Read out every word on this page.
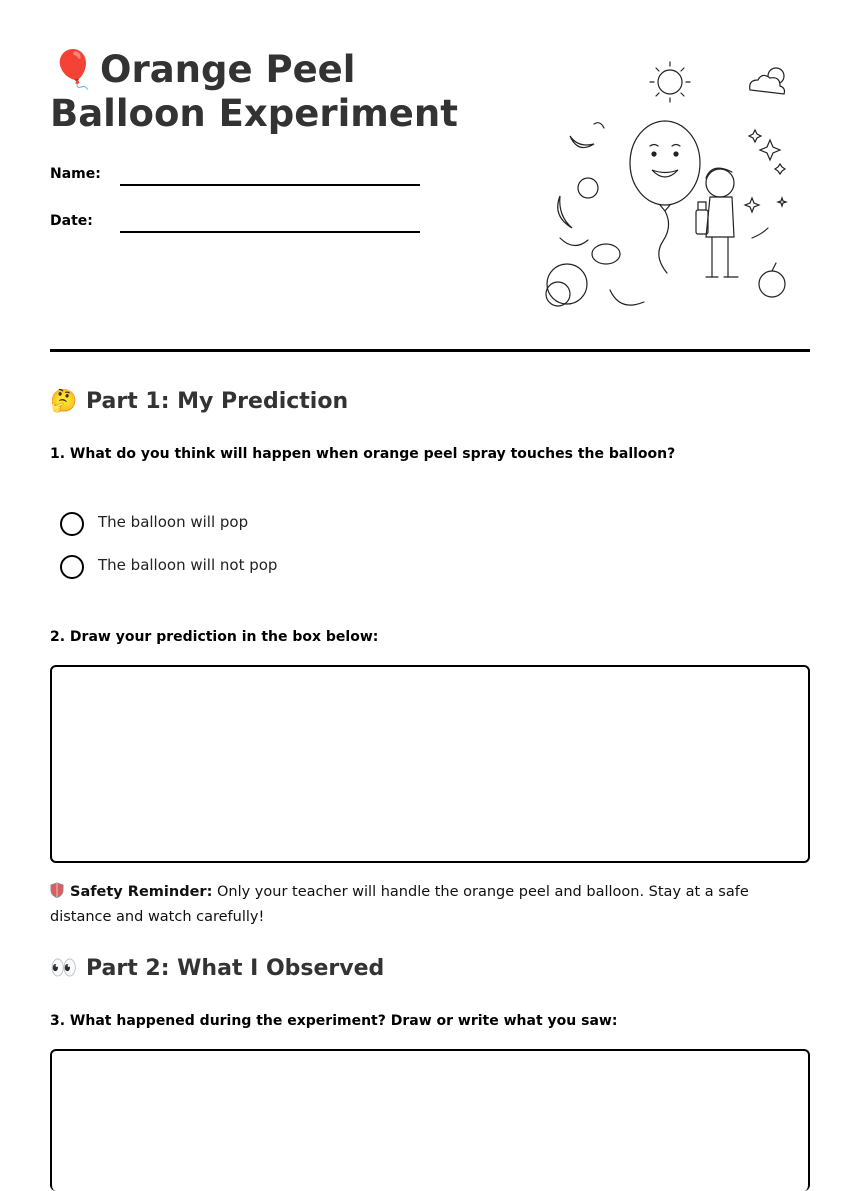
🎈 Orange Peel Balloon Experiment
Name:
Date:
🤔 Part 1: My Prediction
1. What do you think will happen when orange peel spray touches the balloon?
The balloon will pop
The balloon will not pop
2. Draw your prediction in the box below:
Safety Reminder: Only your teacher will handle the orange peel and balloon. Stay at a safe distance and watch carefully!
👀 Part 2: What I Observed
3. What happened during the experiment? Draw or write what you saw:
